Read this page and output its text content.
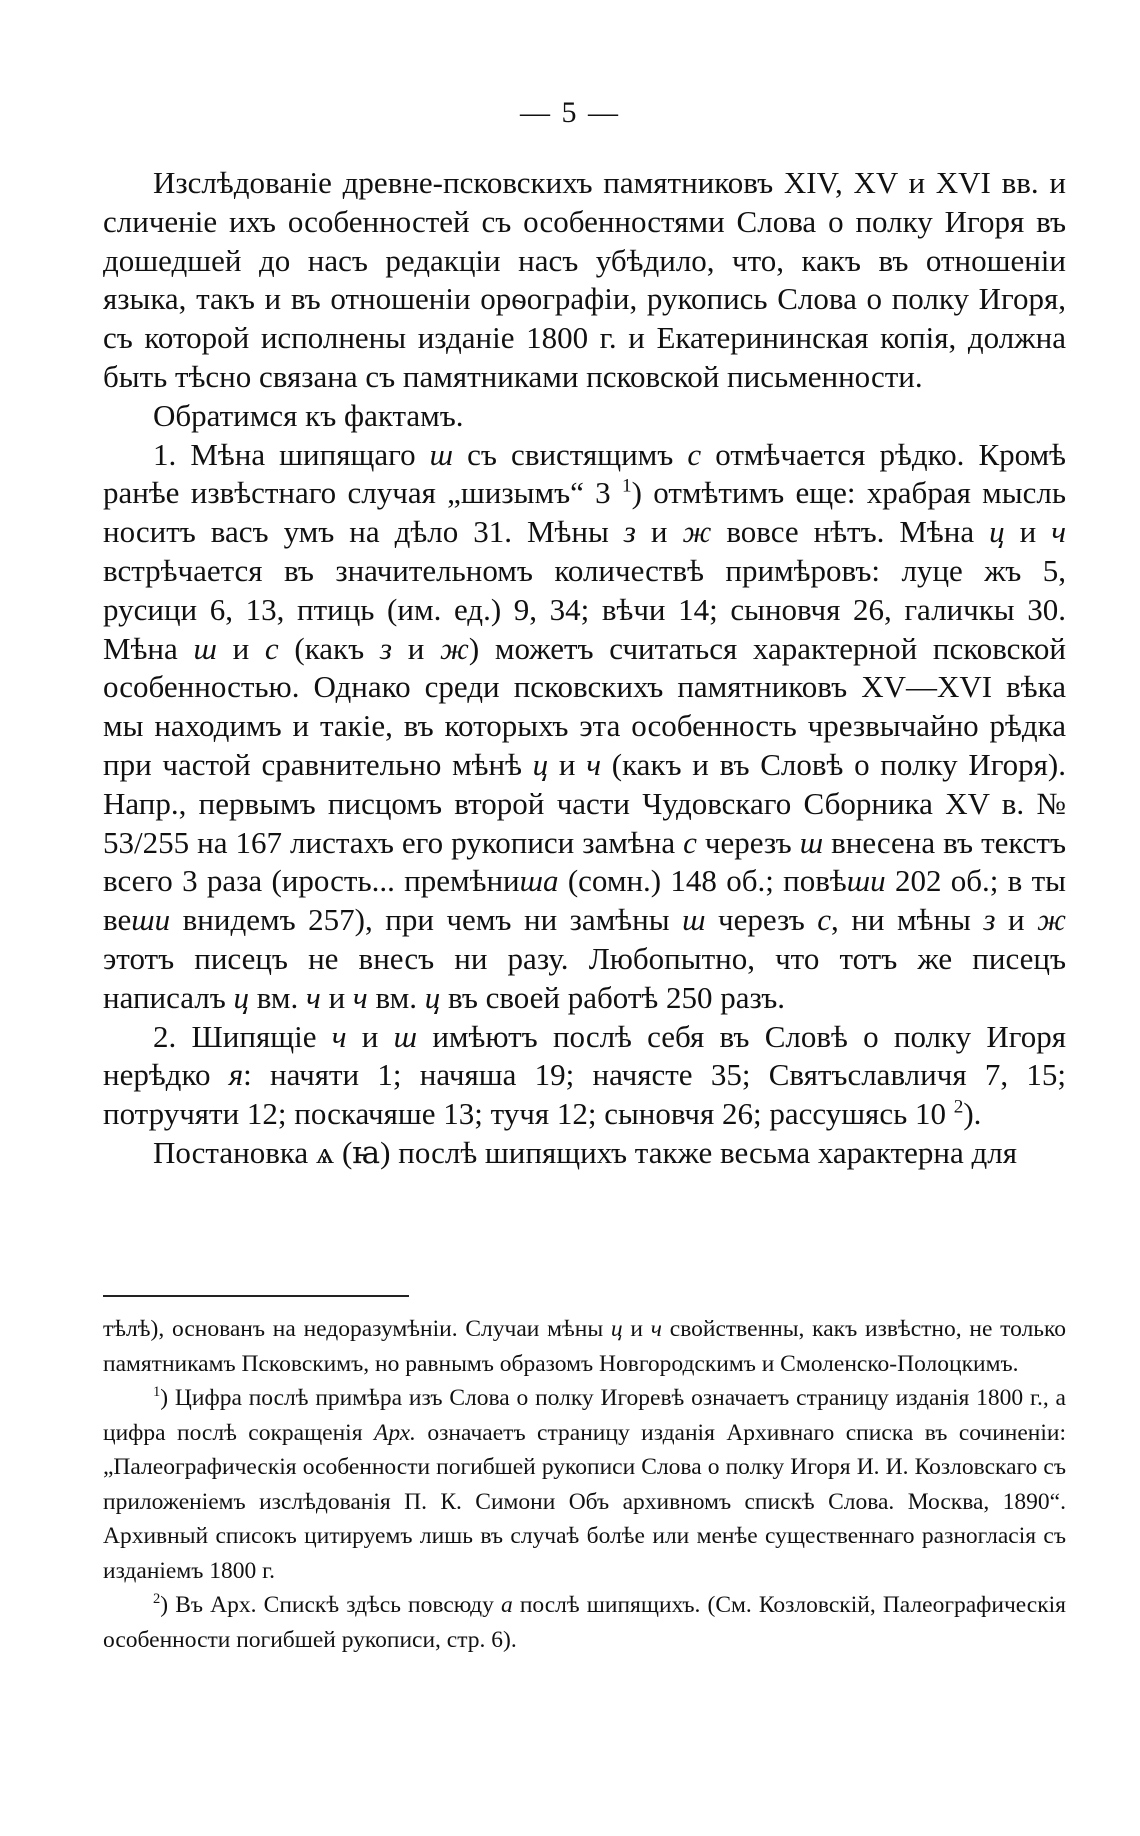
— 5 —

Изслѣдованіе древне-псковскихъ памятниковъ XIV, XV и XVI вв. и сличеніе ихъ особенностей съ особенностями Слова о полку Игоря въ дошедшей до насъ редакціи насъ убѣдило, что, какъ въ отношеніи языка, такъ и въ отношеніи орѳографіи, рукопись Слова о полку Игоря, съ которой исполнены изданіе 1800 г. и Екатерининская копія, должна быть тѣсно связана съ памятниками псковской письменности.

Обратимся къ фактамъ.

1. Мѣна шипящаго ш съ свистящимъ с отмѣчается рѣдко. Кромѣ ранѣе извѣстнаго случая „шизымъ“ 3 $^1$) отмѣтимъ еще: храбрая мысль носитъ васъ умъ на дѣло 31. Мѣны з и ж вовсе нѣтъ. Мѣна ц и ч встрѣчается въ значительномъ количествѣ примѣровъ: луце жъ 5, русици 6, 13, птиць (им. ед.) 9, 34; вѣчи 14; сыновчя 26, галичкы 30. Мѣна ш и с (какъ з и ж) можетъ считаться характерной псковской особенностью. Однако среди псковскихъ памятниковъ XV—XVI вѣка мы находимъ и такіе, въ которыхъ эта особенность чрезвычайно рѣдка при частой сравнительно мѣнѣ ц и ч (какъ и въ Словѣ о полку Игоря). Напр., первымъ писцомъ второй части Чудовскаго Сборника XV в. № 53/255 на 167 листахъ его рукописи замѣна с черезъ ш внесена въ текстъ всего 3 раза (ирость... премѣниша (сомн.) 148 об.; повѣши 202 об.; в ты веши внидемъ 257), при чемъ ни замѣны ш черезъ с, ни мѣны з и ж этотъ писецъ не внесъ ни разу. Любопытно, что тотъ же писецъ написалъ ц вм. ч и ч вм. ц въ своей работѣ 250 разъ.

2. Шипящіе ч и ш имѣютъ послѣ себя въ Словѣ о полку Игоря нерѣдко я: начяти 1; начяша 19; начясте 35; Святъславличя 7, 15; потручяти 12; поскачяше 13; тучя 12; сыновчя 26; рассушясь 10 $^2$).

Постановка ѧ (ꙗ) послѣ шипящихъ также весьма характерна для

тѣлѣ), основанъ на недоразумѣніи. Случаи мѣны ц и ч свойственны, какъ извѣстно, не только памятникамъ Псковскимъ, но равнымъ образомъ Новгородскимъ и Смоленско-Полоцкимъ.

$^1$) Цифра послѣ примѣра изъ Слова о полку Игоревѣ означаетъ страницу изданія 1800 г., а цифра послѣ сокращенія Арх. означаетъ страницу изданія Архивнаго списка въ сочиненіи: „Палеографическія особенности погибшей рукописи Слова о полку Игоря И. И. Козловскаго съ приложеніемъ изслѣдованія П. К. Симони Объ архивномъ спискѣ Слова. Москва, 1890“. Архивный списокъ цитируемъ лишь въ случаѣ болѣе или менѣе существеннаго разногласія съ изданіемъ 1800 г.

$^2$) Въ Арх. Спискѣ здѣсь повсюду а послѣ шипящихъ. (См. Козловскій, Палеографическія особенности погибшей рукописи, стр. 6).
